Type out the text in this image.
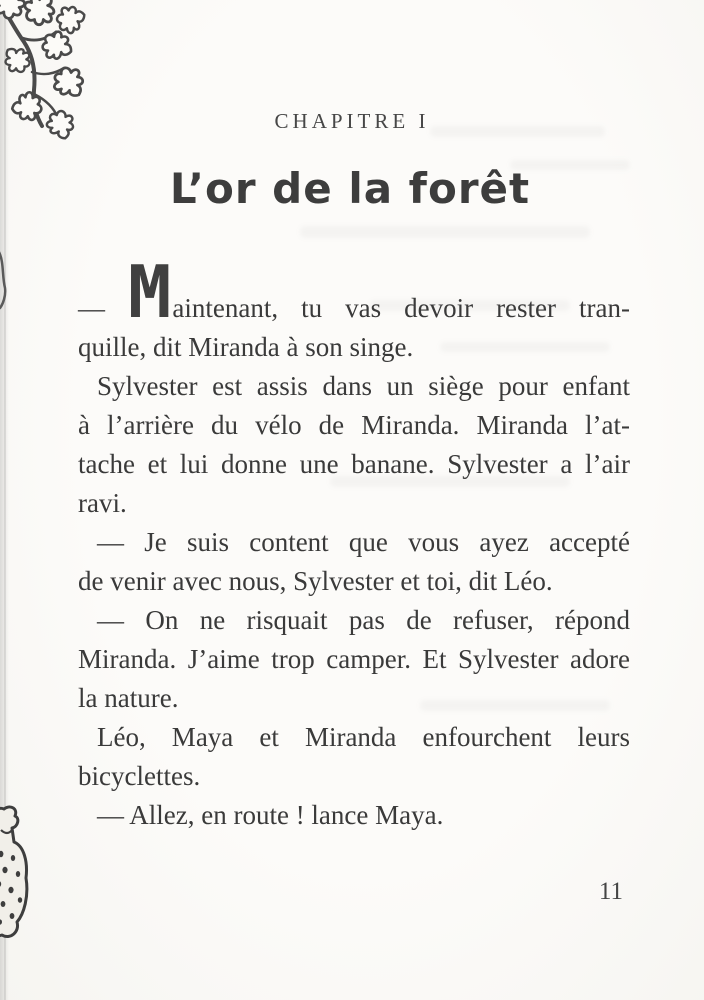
CHAPITRE I
L’or de la forêt
— Maintenant, tu vas devoir rester tran-
quille, dit Miranda à son singe.
Sylvester est assis dans un siège pour enfant
à l’arrière du vélo de Miranda. Miranda l’at-
tache et lui donne une banane. Sylvester a l’air
ravi.
— Je suis content que vous ayez accepté
de venir avec nous, Sylvester et toi, dit Léo.
— On ne risquait pas de refuser, répond
Miranda. J’aime trop camper. Et Sylvester adore
la nature.
Léo, Maya et Miranda enfourchent leurs
bicyclettes.
— Allez, en route ! lance Maya.
11
